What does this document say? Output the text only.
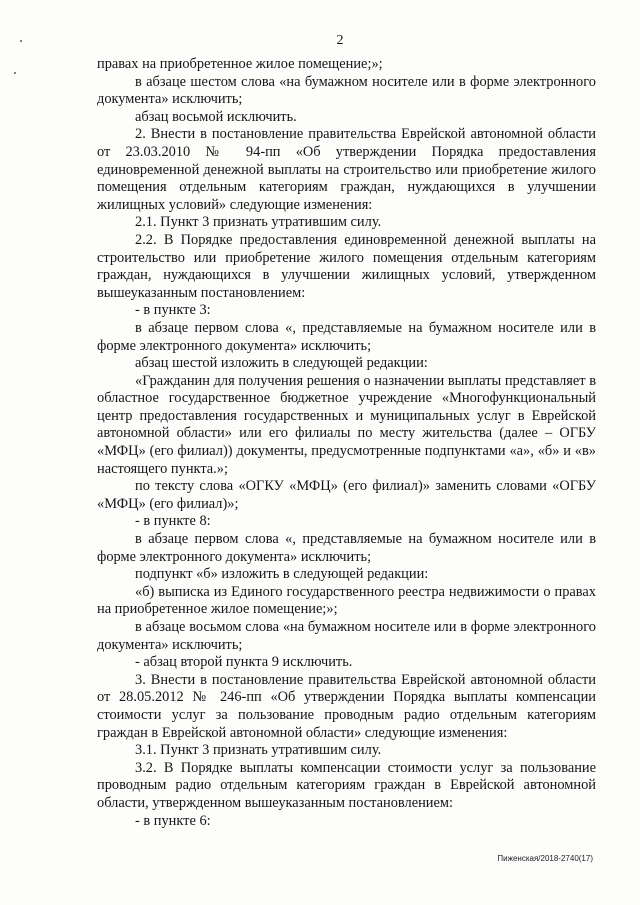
2

правах на приобретенное жилое помещение;»;

в абзаце шестом слова «на бумажном носителе или в форме электронного документа» исключить;

абзац восьмой исключить.

2. Внести в постановление правительства Еврейской автономной области от 23.03.2010 № 94-пп «Об утверждении Порядка предоставления единовременной денежной выплаты на строительство или приобретение жилого помещения отдельным категориям граждан, нуждающихся в улучшении жилищных условий» следующие изменения:

2.1. Пункт 3 признать утратившим силу.

2.2. В Порядке предоставления единовременной денежной выплаты на строительство или приобретение жилого помещения отдельным категориям граждан, нуждающихся в улучшении жилищных условий, утвержденном вышеуказанным постановлением:

- в пункте 3:

в абзаце первом слова «, представляемые на бумажном носителе или в форме электронного документа» исключить;

абзац шестой изложить в следующей редакции:

«Гражданин для получения решения о назначении выплаты представляет в областное государственное бюджетное учреждение «Многофункциональный центр предоставления государственных и муниципальных услуг в Еврейской автономной области» или его филиалы по месту жительства (далее – ОГБУ «МФЦ» (его филиал)) документы, предусмотренные подпунктами «а», «б» и «в» настоящего пункта.»;

по тексту слова «ОГКУ «МФЦ» (его филиал)» заменить словами «ОГБУ «МФЦ» (его филиал)»;

- в пункте 8:

в абзаце первом слова «, представляемые на бумажном носителе или в форме электронного документа» исключить;

подпункт «б» изложить в следующей редакции:

«б) выписка из Единого государственного реестра недвижимости о правах на приобретенное жилое помещение;»;

в абзаце восьмом слова «на бумажном носителе или в форме электронного документа» исключить;

- абзац второй пункта 9 исключить.

3. Внести в постановление правительства Еврейской автономной области от 28.05.2012 № 246-пп «Об утверждении Порядка выплаты компенсации стоимости услуг за пользование проводным радио отдельным категориям граждан в Еврейской автономной области» следующие изменения:

3.1. Пункт 3 признать утратившим силу.

3.2. В Порядке выплаты компенсации стоимости услуг за пользование проводным радио отдельным категориям граждан в Еврейской автономной области, утвержденном вышеуказанным постановлением:

- в пункте 6:

Пиженская/2018-2740(17)
